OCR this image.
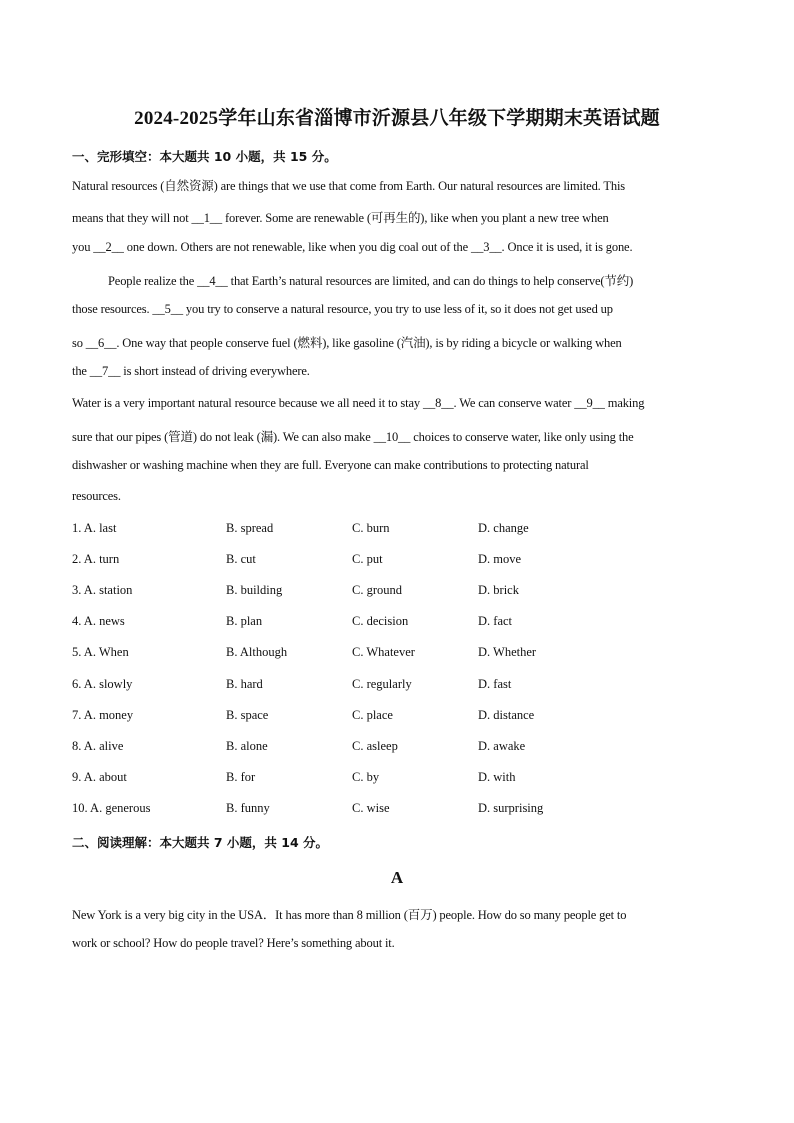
2024-2025学年山东省淄博市沂源县八年级下学期期末英语试题
一、完形填空：本大题共 10 小题，共 15 分。
Natural resources (自然资源) are things that we use that come from Earth. Our natural resources are limited. This
means that they will not __1__ forever. Some are renewable (可再生的), like when you plant a new tree when
you __2__ one down. Others are not renewable, like when you dig coal out of the __3__. Once it is used, it is gone.
People realize the __4__ that Earth’s natural resources are limited, and can do things to help conserve(节约)
those resources. __5__ you try to conserve a natural resource, you try to use less of it, so it does not get used up
so __6__. One way that people conserve fuel (燃料), like gasoline (汽油), is by riding a bicycle or walking when
the __7__ is short instead of driving everywhere.
Water is a very important natural resource because we all need it to stay __8__. We can conserve water __9__ making
sure that our pipes (管道) do not leak (漏). We can also make __10__ choices to conserve water, like only using the
dishwasher or washing machine when they are full. Everyone can make contributions to protecting natural
resources.
1. A. last	B. spread	C. burn	D. change
2. A. turn	B. cut	C. put	D. move
3. A. station	B. building	C. ground	D. brick
4. A. news	B. plan	C. decision	D. fact
5. A. When	B. Although	C. Whatever	D. Whether
6. A. slowly	B. hard	C. regularly	D. fast
7. A. money	B. space	C. place	D. distance
8. A. alive	B. alone	C. asleep	D. awake
9. A. about	B. for	C. by	D. with
10. A. generous	B. funny	C. wise	D. surprising
二、阅读理解：本大题共 7 小题，共 14 分。
A
New York is a very big city in the USA．It has more than 8 million (百万) people. How do so many people get to
work or school? How do people travel? Here’s something about it.
